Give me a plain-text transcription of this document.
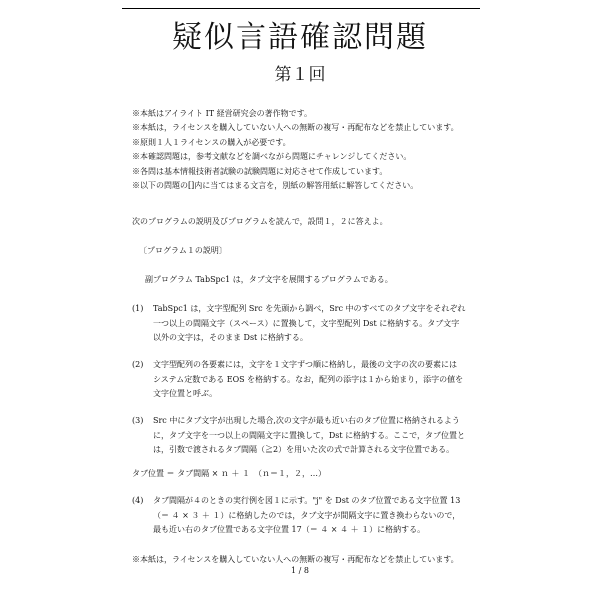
疑似言語確認問題
第１回
※本紙はアイライト IT 経営研究会の著作物です。
※本紙は，ライセンスを購入していない人への無断の複写・再配布などを禁止しています。
※原則１人１ライセンスの購入が必要です。
※本確認問題は，参考文献などを調べながら問題にチャレンジしてください。
※各問は基本情報技術者試験の試験問題に対応させて作成しています。
※以下の問題の[]内に当てはまる文言を，別紙の解答用紙に解答してください。
次のプログラムの説明及びプログラムを読んで，設問１，２に答えよ。
〔プログラム１の説明〕
副プログラム TabSpc1 は，タブ文字を展開するプログラムである。
(1) TabSpc1 は，文字型配列 Src を先頭から調べ，Src 中のすべてのタブ文字をそれぞれ
一つ以上の間隔文字（スペース）に置換して，文字型配列 Dst に格納する。タブ文字
以外の文字は，そのまま Dst に格納する。
(2) 文字型配列の各要素には，文字を１文字ずつ順に格納し，最後の文字の次の要素には
システム定数である EOS を格納する。なお，配列の添字は１から始まり，添字の値を
文字位置と呼ぶ。
(3) Src 中にタブ文字が出現した場合,次の文字が最も近い右のタブ位置に格納されるよう
に，タブ文字を一つ以上の間隔文字に置換して，Dst に格納する。ここで，タブ位置と
は，引数で渡されるタブ間隔（≧2）を用いた次の式で計算される文字位置である。
タブ位置 ＝ タブ間隔 × ｎ ＋ １　（ｎ＝１，２，…）
(4) タブ間隔が４のときの実行例を図１に示す。"j" を Dst のタブ位置である文字位置 13
（＝ ４ × ３ ＋ １）に格納したのでは，タブ文字が間隔文字に置き換わらないので，
最も近い右のタブ位置である文字位置 17（＝ ４ × ４ ＋ １）に格納する。
※本紙は，ライセンスを購入していない人への無断の複写・再配布などを禁止しています。
1 / 8
